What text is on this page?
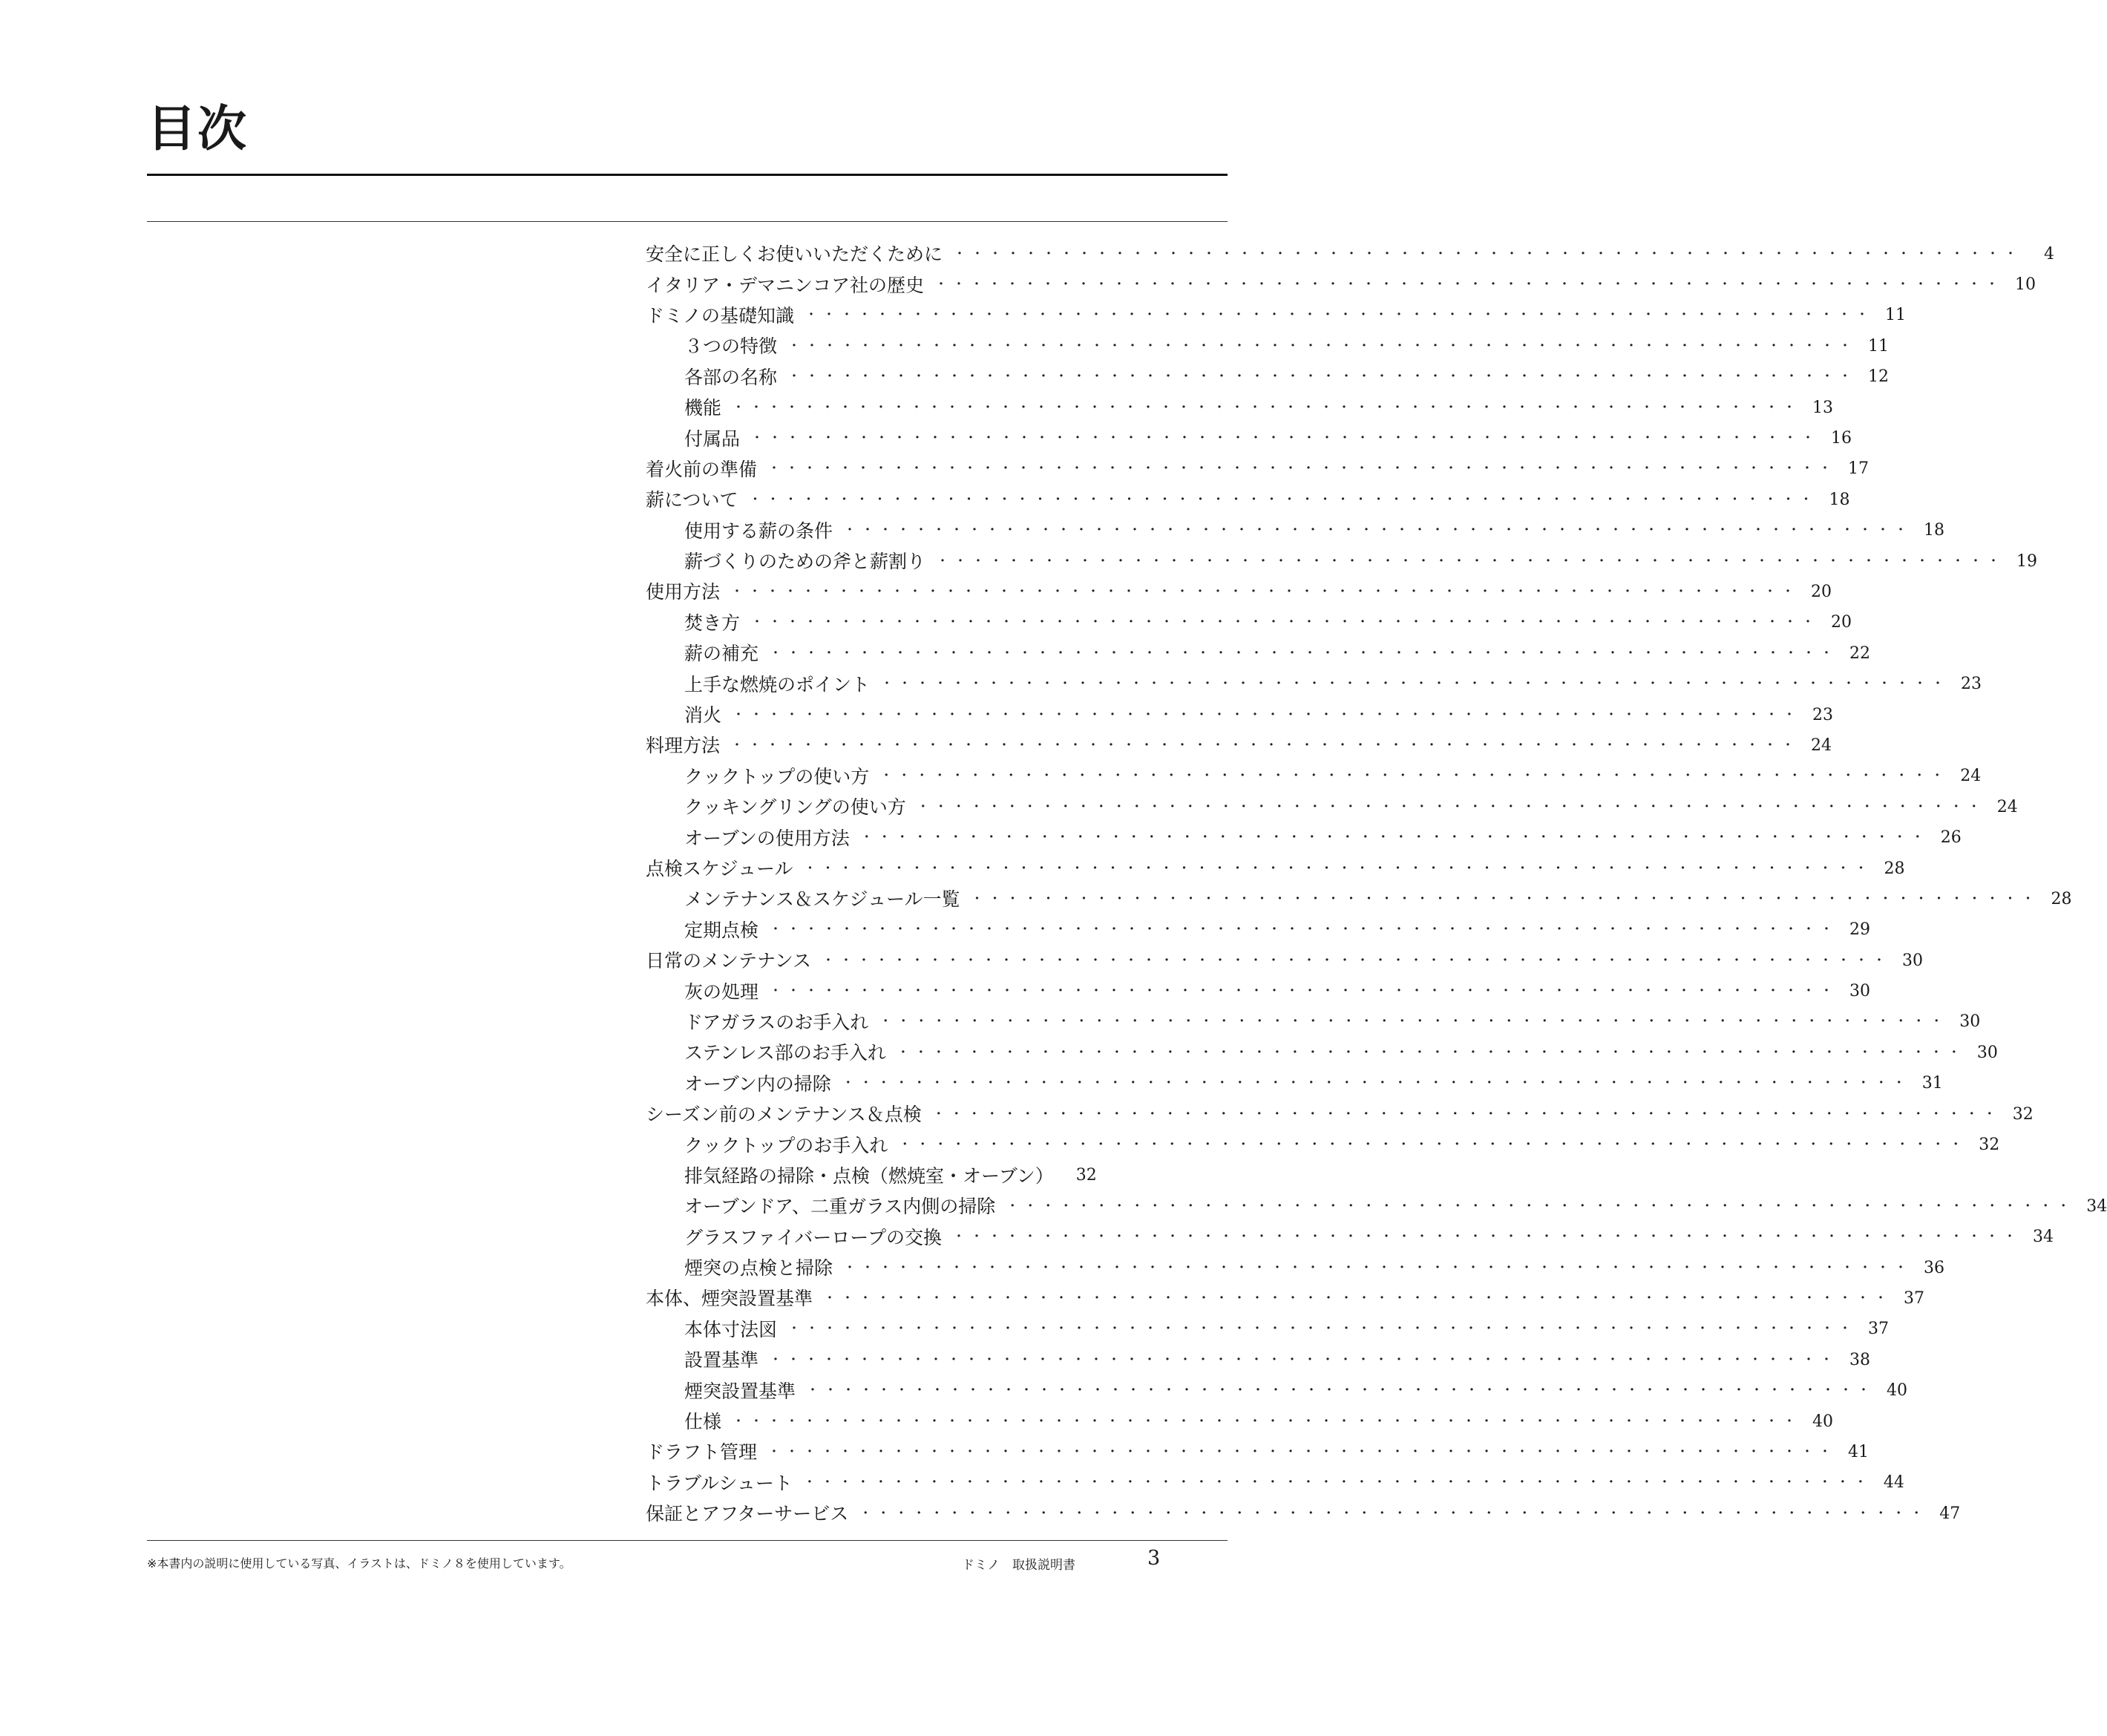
目次
安全に正しくお使いいただくために ・・・・・・・・・・・・・・・・・・・・・・・・・・・・・・・・・・・・・・・・・・・・・・・・・・・・・・・・・・・・	4
イタリア・デマニンコア社の歴史 ・・・・・・・・・・・・・・・・・・・・・・・・・・・・・・・・・・・・・・・・・・・・・・・・・・・・・・・・・・・・ 10
ドミノの基礎知識 ・・・・・・・・・・・・・・・・・・・・・・・・・・・・・・・・・・・・・・・・・・・・・・・・・・・・・・・・・・・・ 11
３つの特徴 ・・・・・・・・・・・・・・・・・・・・・・・・・・・・・・・・・・・・・・・・・・・・・・・・・・・・・・・・・・・・ 11
各部の名称 ・・・・・・・・・・・・・・・・・・・・・・・・・・・・・・・・・・・・・・・・・・・・・・・・・・・・・・・・・・・・ 12
機能 ・・・・・・・・・・・・・・・・・・・・・・・・・・・・・・・・・・・・・・・・・・・・・・・・・・・・・・・・・・・・ 13
付属品 ・・・・・・・・・・・・・・・・・・・・・・・・・・・・・・・・・・・・・・・・・・・・・・・・・・・・・・・・・・・・ 16
着火前の準備 ・・・・・・・・・・・・・・・・・・・・・・・・・・・・・・・・・・・・・・・・・・・・・・・・・・・・・・・・・・・・ 17
薪について ・・・・・・・・・・・・・・・・・・・・・・・・・・・・・・・・・・・・・・・・・・・・・・・・・・・・・・・・・・・・ 18
使用する薪の条件 ・・・・・・・・・・・・・・・・・・・・・・・・・・・・・・・・・・・・・・・・・・・・・・・・・・・・・・・・・・・・ 18
薪づくりのための斧と薪割り ・・・・・・・・・・・・・・・・・・・・・・・・・・・・・・・・・・・・・・・・・・・・・・・・・・・・・・・・・・・・ 19
使用方法 ・・・・・・・・・・・・・・・・・・・・・・・・・・・・・・・・・・・・・・・・・・・・・・・・・・・・・・・・・・・・ 20
焚き方 ・・・・・・・・・・・・・・・・・・・・・・・・・・・・・・・・・・・・・・・・・・・・・・・・・・・・・・・・・・・・ 20
薪の補充 ・・・・・・・・・・・・・・・・・・・・・・・・・・・・・・・・・・・・・・・・・・・・・・・・・・・・・・・・・・・・ 22
上手な燃焼のポイント ・・・・・・・・・・・・・・・・・・・・・・・・・・・・・・・・・・・・・・・・・・・・・・・・・・・・・・・・・・・・ 23
消火 ・・・・・・・・・・・・・・・・・・・・・・・・・・・・・・・・・・・・・・・・・・・・・・・・・・・・・・・・・・・・ 23
料理方法 ・・・・・・・・・・・・・・・・・・・・・・・・・・・・・・・・・・・・・・・・・・・・・・・・・・・・・・・・・・・・ 24
クックトップの使い方 ・・・・・・・・・・・・・・・・・・・・・・・・・・・・・・・・・・・・・・・・・・・・・・・・・・・・・・・・・・・・ 24
クッキングリングの使い方 ・・・・・・・・・・・・・・・・・・・・・・・・・・・・・・・・・・・・・・・・・・・・・・・・・・・・・・・・・・・・ 24
オーブンの使用方法 ・・・・・・・・・・・・・・・・・・・・・・・・・・・・・・・・・・・・・・・・・・・・・・・・・・・・・・・・・・・・ 26
点検スケジュール ・・・・・・・・・・・・・・・・・・・・・・・・・・・・・・・・・・・・・・・・・・・・・・・・・・・・・・・・・・・・ 28
メンテナンス＆スケジュール一覧 ・・・・・・・・・・・・・・・・・・・・・・・・・・・・・・・・・・・・・・・・・・・・・・・・・・・・・・・・・・・・ 28
定期点検 ・・・・・・・・・・・・・・・・・・・・・・・・・・・・・・・・・・・・・・・・・・・・・・・・・・・・・・・・・・・・ 29
日常のメンテナンス ・・・・・・・・・・・・・・・・・・・・・・・・・・・・・・・・・・・・・・・・・・・・・・・・・・・・・・・・・・・・ 30
灰の処理 ・・・・・・・・・・・・・・・・・・・・・・・・・・・・・・・・・・・・・・・・・・・・・・・・・・・・・・・・・・・・ 30
ドアガラスのお手入れ ・・・・・・・・・・・・・・・・・・・・・・・・・・・・・・・・・・・・・・・・・・・・・・・・・・・・・・・・・・・・ 30
ステンレス部のお手入れ ・・・・・・・・・・・・・・・・・・・・・・・・・・・・・・・・・・・・・・・・・・・・・・・・・・・・・・・・・・・・ 30
オーブン内の掃除 ・・・・・・・・・・・・・・・・・・・・・・・・・・・・・・・・・・・・・・・・・・・・・・・・・・・・・・・・・・・・ 31
シーズン前のメンテナンス＆点検 ・・・・・・・・・・・・・・・・・・・・・・・・・・・・・・・・・・・・・・・・・・・・・・・・・・・・・・・・・・・・ 32
クックトップのお手入れ ・・・・・・・・・・・・・・・・・・・・・・・・・・・・・・・・・・・・・・・・・・・・・・・・・・・・・・・・・・・・ 32
排気経路の掃除・点検（燃焼室・オーブン）	32
オーブンドア、二重ガラス内側の掃除 ・・・・・・・・・・・・・・・・・・・・・・・・・・・・・・・・・・・・・・・・・・・・・・・・・・・・・・・・・・・・ 34
グラスファイバーロープの交換 ・・・・・・・・・・・・・・・・・・・・・・・・・・・・・・・・・・・・・・・・・・・・・・・・・・・・・・・・・・・・ 34
煙突の点検と掃除 ・・・・・・・・・・・・・・・・・・・・・・・・・・・・・・・・・・・・・・・・・・・・・・・・・・・・・・・・・・・・ 36
本体、煙突設置基準 ・・・・・・・・・・・・・・・・・・・・・・・・・・・・・・・・・・・・・・・・・・・・・・・・・・・・・・・・・・・・ 37
本体寸法図 ・・・・・・・・・・・・・・・・・・・・・・・・・・・・・・・・・・・・・・・・・・・・・・・・・・・・・・・・・・・・ 37
設置基準 ・・・・・・・・・・・・・・・・・・・・・・・・・・・・・・・・・・・・・・・・・・・・・・・・・・・・・・・・・・・・ 38
煙突設置基準 ・・・・・・・・・・・・・・・・・・・・・・・・・・・・・・・・・・・・・・・・・・・・・・・・・・・・・・・・・・・・ 40
仕様 ・・・・・・・・・・・・・・・・・・・・・・・・・・・・・・・・・・・・・・・・・・・・・・・・・・・・・・・・・・・・ 40
ドラフト管理 ・・・・・・・・・・・・・・・・・・・・・・・・・・・・・・・・・・・・・・・・・・・・・・・・・・・・・・・・・・・・ 41
トラブルシュート ・・・・・・・・・・・・・・・・・・・・・・・・・・・・・・・・・・・・・・・・・・・・・・・・・・・・・・・・・・・・ 44
保証とアフターサービス ・・・・・・・・・・・・・・・・・・・・・・・・・・・・・・・・・・・・・・・・・・・・・・・・・・・・・・・・・・・・ 47
※本書内の説明に使用している写真、イラストは、ドミノ８を使用しています。	ドミノ　取扱説明書	3
